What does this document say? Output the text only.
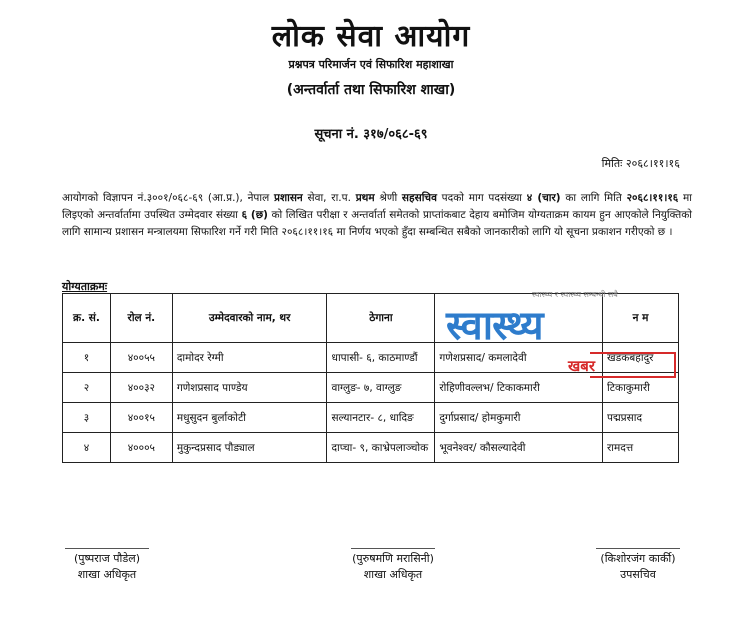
लोक सेवा आयोग
प्रश्नपत्र परिमार्जन एवं सिफारिश महाशाखा
(अन्तर्वार्ता तथा सिफारिश शाखा)
सूचना नं. ३१७/०६८-६९
मितिः २०६८।११।१६
आयोगको विज्ञापन नं.३००१/०६८-६९ (आ.प्र.), नेपाल प्रशासन सेवा, रा.प. प्रथम श्रेणी सहसचिव पदको माग पदसंख्या ४ (चार) का लागि मिति २०६८।११।१६ मा लिइएको अन्तर्वार्तामा उपस्थित उम्मेदवार संख्या ६ (छ) को लिखित परीक्षा र अन्तर्वार्ता समेतको प्राप्तांकबाट देहाय बमोजिम योग्यताक्रम कायम हुन आएकोले नियुक्तिको लागि सामान्य प्रशासन मन्त्रालयमा सिफारिश गर्ने गरी मिति २०६८।११।१६ मा निर्णय भएको हुँदा सम्बन्धित सबैको जानकारीको लागि यो सूचना प्रकाशन गरीएको छ ।
योग्यताक्रमः
क्र. सं.	रोल नं.	उम्मेदवारको नाम, थर	ठेगाना		न म
१	४००५५	दामोदर रेग्मी	धापासी- ६, काठमाण्डौं	गणेशप्रसाद/ कमलादेवी	खडकबहादुर
२	४००३२	गणेशप्रसाद पाण्डेय	वाग्लुङ- ७, वाग्लुङ	रोहिणीवल्लभ/ टिकाकमारी	टिकाकुमारी
३	४००१५	मधुसुदन बुर्लाकोटी	सल्यानटार- ८, धादिङ	दुर्गाप्रसाद/ होमकुमारी	पद्मप्रसाद
४	४०००५	मुकुन्दप्रसाद पौड्याल	दाप्चा- ९, काभ्रेपलाञ्चोक	भूवनेश्वर/ कौसल्यादेवी	रामदत्त
स्वास्थ्य र स्वास्थ्य सम्बन्धी सबै
स्वास्थ्य
खबर
(पुष्पराज पौडेल)
शाखा अधिकृत
(पुरुषमणि मरासिनी)
शाखा अधिकृत
(किशोरजंग कार्की)
उपसचिव
